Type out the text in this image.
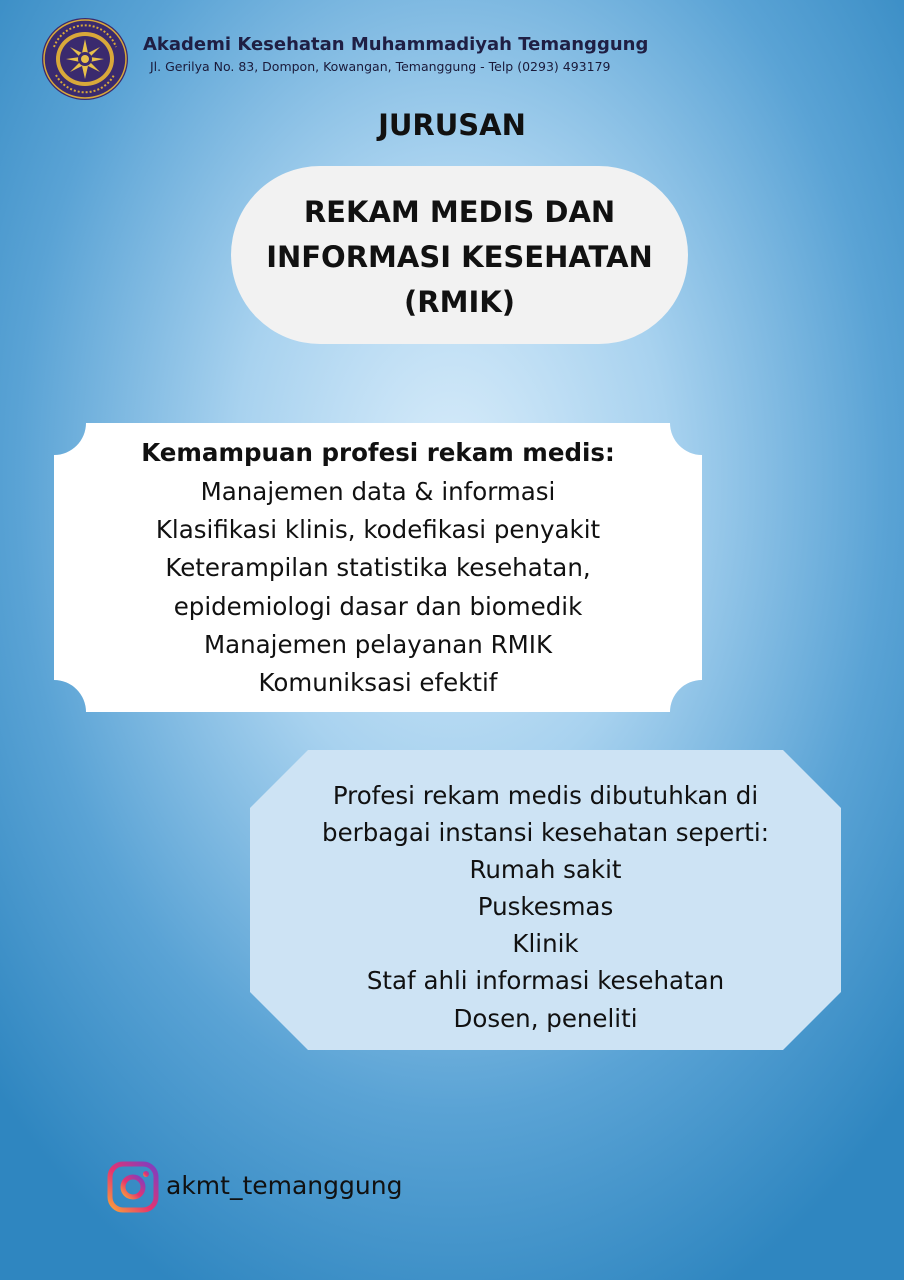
Akademi Kesehatan Muhammadiyah Temanggung
Jl. Gerilya No. 83, Dompon, Kowangan, Temanggung - Telp (0293) 493179
JURUSAN
REKAM MEDIS DAN
INFORMASI KESEHATAN
(RMIK)
Kemampuan profesi rekam medis:
Manajemen data & informasi
Klasifikasi klinis, kodefikasi penyakit
Keterampilan statistika kesehatan,
epidemiologi dasar dan biomedik
Manajemen pelayanan RMIK
Komuniksasi efektif
Profesi rekam medis dibutuhkan di
berbagai instansi kesehatan seperti:
Rumah sakit
Puskesmas
Klinik
Staf ahli informasi kesehatan
Dosen, peneliti
akmt_temanggung
